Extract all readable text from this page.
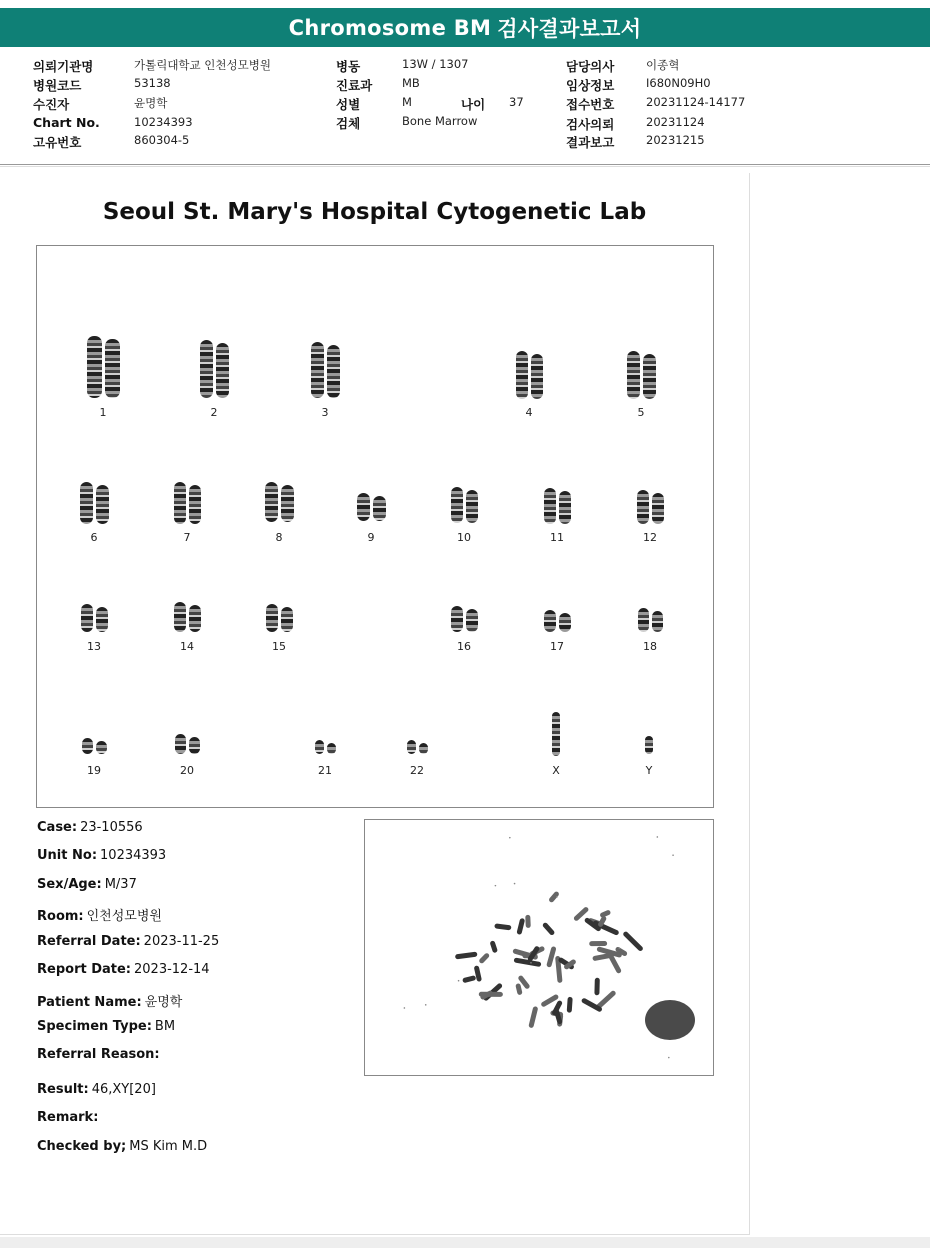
Chromosome BM 검사결과보고서
의뢰기관명	가톨릭대학교 인천성모병원
병원코드	53138
수진자	윤명학
Chart No.	10234393
고유번호	860304-5
병동	13W / 1307
진료과	MB
성별	M	나이 37
검체	Bone Marrow
담당의사	이종혁
임상정보	I680N09H0
접수번호	20231124-14177
검사의뢰	20231124
결과보고	20231215
Seoul St. Mary's Hospital Cytogenetic Lab
1	2	3	4	5
6	7	8	9	10	11	12
13	14	15	16	17	18
19	20	21	22	X	Y
Case: 23-10556
Unit No: 10234393
Sex/Age: M/37
Room: 인천성모병원
Referral Date: 2023-11-25
Report Date: 2023-12-14
Patient Name: 윤명학
Specimen Type: BM
Referral Reason:
Result: 46,XY[20]
Remark:
Checked by; MS Kim M.D
